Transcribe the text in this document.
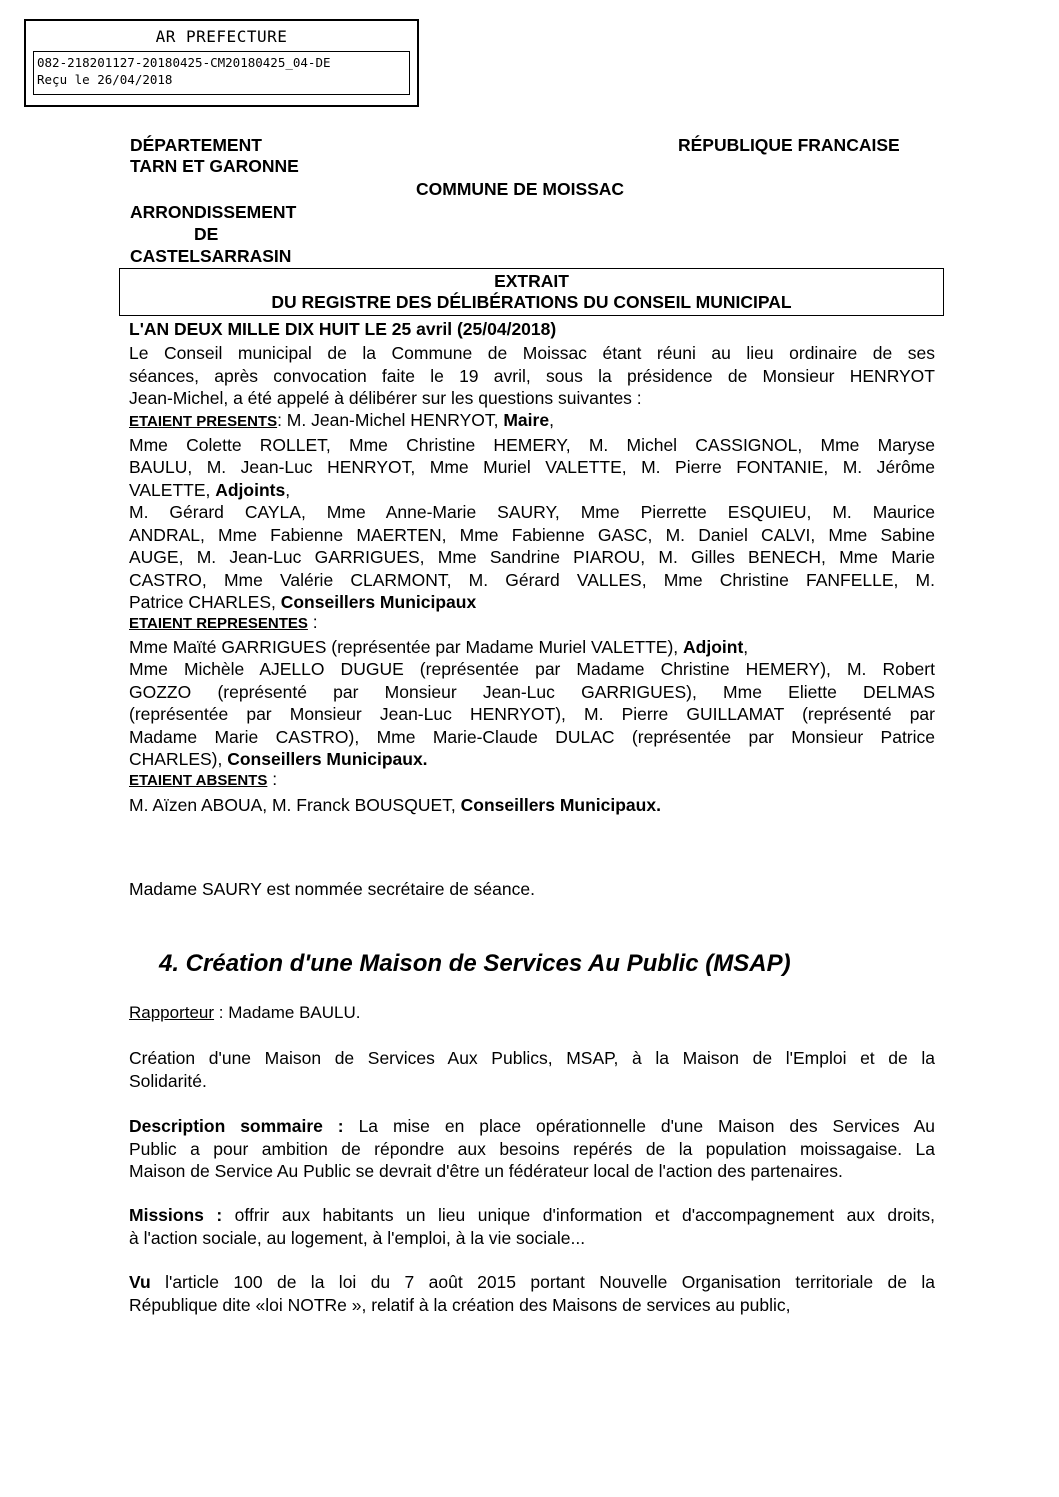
AR PREFECTURE
082-218201127-20180425-CM20180425_04-DE
Reçu le 26/04/2018
DÉPARTEMENT
TARN ET GARONNE
RÉPUBLIQUE FRANCAISE
COMMUNE DE MOISSAC
ARRONDISSEMENT
DE
CASTELSARRASIN
EXTRAIT
DU REGISTRE DES DÉLIBÉRATIONS DU CONSEIL MUNICIPAL
L'AN DEUX MILLE DIX HUIT LE 25 avril (25/04/2018)
Le Conseil municipal de la Commune de Moissac étant réuni au lieu ordinaire de ses
séances, après convocation faite le 19 avril, sous la présidence de Monsieur HENRYOT
Jean-Michel, a été appelé à délibérer sur les questions suivantes :
ETAIENT PRESENTS: M. Jean-Michel HENRYOT, Maire,
Mme Colette ROLLET, Mme Christine HEMERY, M. Michel CASSIGNOL, Mme Maryse
BAULU, M. Jean-Luc HENRYOT, Mme Muriel VALETTE, M. Pierre FONTANIE, M. Jérôme
VALETTE, Adjoints,
M. Gérard CAYLA, Mme Anne-Marie SAURY, Mme Pierrette ESQUIEU, M. Maurice
ANDRAL, Mme Fabienne MAERTEN, Mme Fabienne GASC, M. Daniel CALVI, Mme Sabine
AUGE, M. Jean-Luc GARRIGUES, Mme Sandrine PIAROU, M. Gilles BENECH, Mme Marie
CASTRO, Mme Valérie CLARMONT, M. Gérard VALLES, Mme Christine FANFELLE, M.
Patrice CHARLES, Conseillers Municipaux
ETAIENT REPRESENTES :
Mme Maïté GARRIGUES (représentée par Madame Muriel VALETTE), Adjoint,
Mme Michèle AJELLO DUGUE (représentée par Madame Christine HEMERY), M. Robert
GOZZO (représenté par Monsieur Jean-Luc GARRIGUES), Mme Eliette DELMAS
(représentée par Monsieur Jean-Luc HENRYOT), M. Pierre GUILLAMAT (représenté par
Madame Marie CASTRO), Mme Marie-Claude DULAC (représentée par Monsieur Patrice
CHARLES), Conseillers Municipaux.
ETAIENT ABSENTS :
M. Aïzen ABOUA, M. Franck BOUSQUET, Conseillers Municipaux.
Madame SAURY est nommée secrétaire de séance.
4. Création d'une Maison de Services Au Public (MSAP)
Rapporteur : Madame BAULU.
Création d'une Maison de Services Aux Publics, MSAP, à la Maison de l'Emploi et de la
Solidarité.
Description sommaire : La mise en place opérationnelle d'une Maison des Services Au
Public a pour ambition de répondre aux besoins repérés de la population moissagaise. La
Maison de Service Au Public se devrait d'être un fédérateur local de l'action des partenaires.
Missions : offrir aux habitants un lieu unique d'information et d'accompagnement aux droits,
à l'action sociale, au logement, à l'emploi, à la vie sociale...
Vu l'article 100 de la loi du 7 août 2015 portant Nouvelle Organisation territoriale de la
République dite «loi NOTRe », relatif à la création des Maisons de services au public,
